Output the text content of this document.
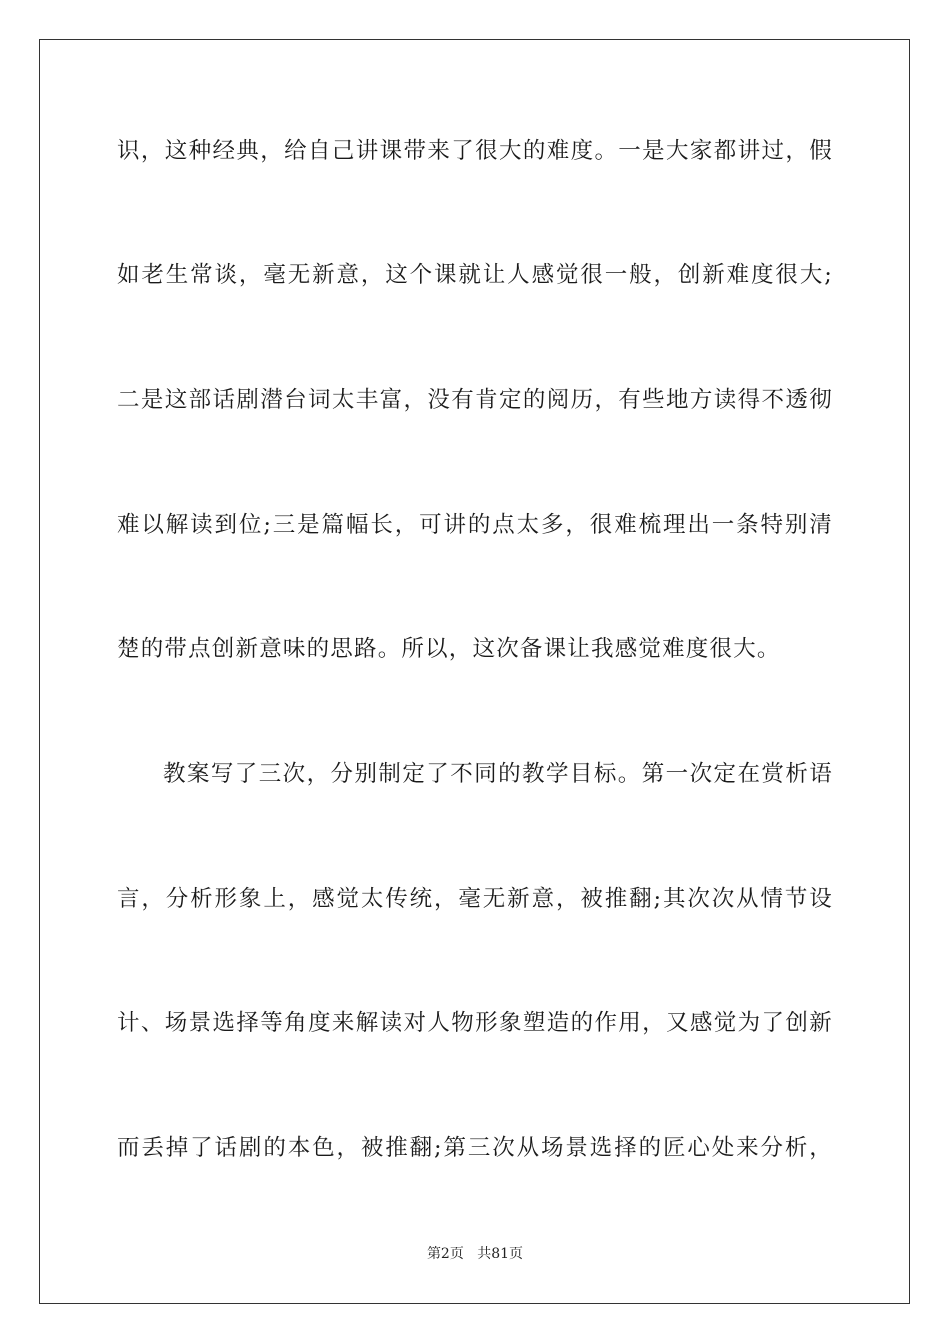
识，这种经典，给自己讲课带来了很大的难度。一是大家都讲过，假
如老生常谈，毫无新意，这个课就让人感觉很一般，创新难度很大;
二是这部话剧潜台词太丰富，没有肯定的阅历，有些地方读得不透彻
难以解读到位;三是篇幅长，可讲的点太多，很难梳理出一条特别清
楚的带点创新意味的思路。所以，这次备课让我感觉难度很大。
教案写了三次，分别制定了不同的教学目标。第一次定在赏析语
言，分析形象上，感觉太传统，毫无新意，被推翻;其次次从情节设
计、场景选择等角度来解读对人物形象塑造的作用，又感觉为了创新
而丢掉了话剧的本色，被推翻;第三次从场景选择的匠心处来分析，
第2页 共81页
